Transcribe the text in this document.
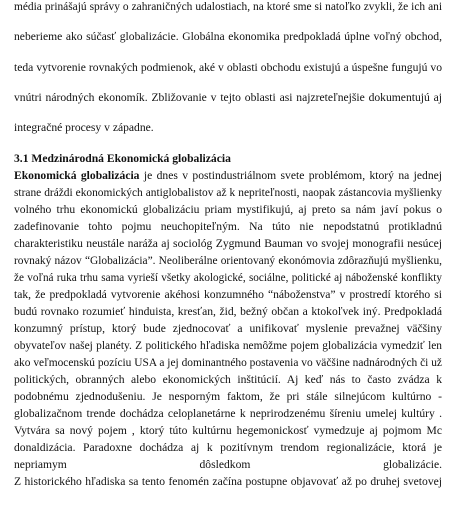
média prinášajú správy o zahraničných udalostiach, na ktoré sme si natoľko zvykli, že ich ani
neberieme ako súčasť globalizácie. Globálna ekonomika predpokladá úplne voľný obchod,
teda vytvorenie rovnakých podmienok, aké v oblasti obchodu existujú a úspešne fungujú vo
vnútri národných ekonomík. Zbližovanie v tejto oblasti asi najzreteľnejšie dokumentujú aj
integračné procesy v západne.
3.1 Medzinárodná Ekonomická globalizácia
Ekonomická globalizácia je dnes v postindustriálnom svete problémom, ktorý na jednej
strane dráždi ekonomických antiglobalistov až k nepriteľnosti, naopak zástancovia myšlienky
volného trhu ekonomickú globalizáciu priam mystifikujú, aj preto sa nám javí pokus o
zadefinovanie tohto pojmu neuchopiteľným. Na túto nie nepodstatnú protikladnú
charakteristiku neustále naráža aj sociológ Zygmund Bauman vo svojej monografii nesúcej
rovnaký názov “Globalizácia”. Neoliberálne orientovaný ekonómovia zdôrazňujú myšlienku,
že voľná ruka trhu sama vyrieší všetky akologické, sociálne, politické aj náboženské konflikty
tak, že predpokladá vytvorenie akéhosi konzumného “náboženstva” v prostredí ktorého si
budú rovnako rozumieť hinduista, kresťan, žid, bežný občan a ktokoľvek iný. Predpokladá
konzumný prístup, ktorý bude zjednocovať a unifikovať myslenie prevažnej väčšiny
obyvateľov našej planéty. Z politického hľadiska nemôžme pojem globalizácia vymedziť len
ako veľmocenskú pozíciu USA a jej dominantného postavenia vo väčšine nadnárodných či už
politických, obranných alebo ekonomických inštitúcií. Aj keď nás to často zvádza k
podobnému zjednodušeniu. Je nesporným faktom, že pri stále silnejúcom kultúrno -
globalizačnom trende dochádza celoplanetárne k neprirodzenému šíreniu umelej kultúry .
Vytvára sa nový pojem , ktorý túto kultúrnu hegemonickosť vymedzuje aj pojmom Mc
donaldizácia. Paradoxne dochádza aj k pozitívnym trendom regionalizácie, ktorá je
nepriamym dôsledkom globalizácie.
Z historického hľadiska sa tento fenomén začína postupne objavovať až po druhej svetovej
